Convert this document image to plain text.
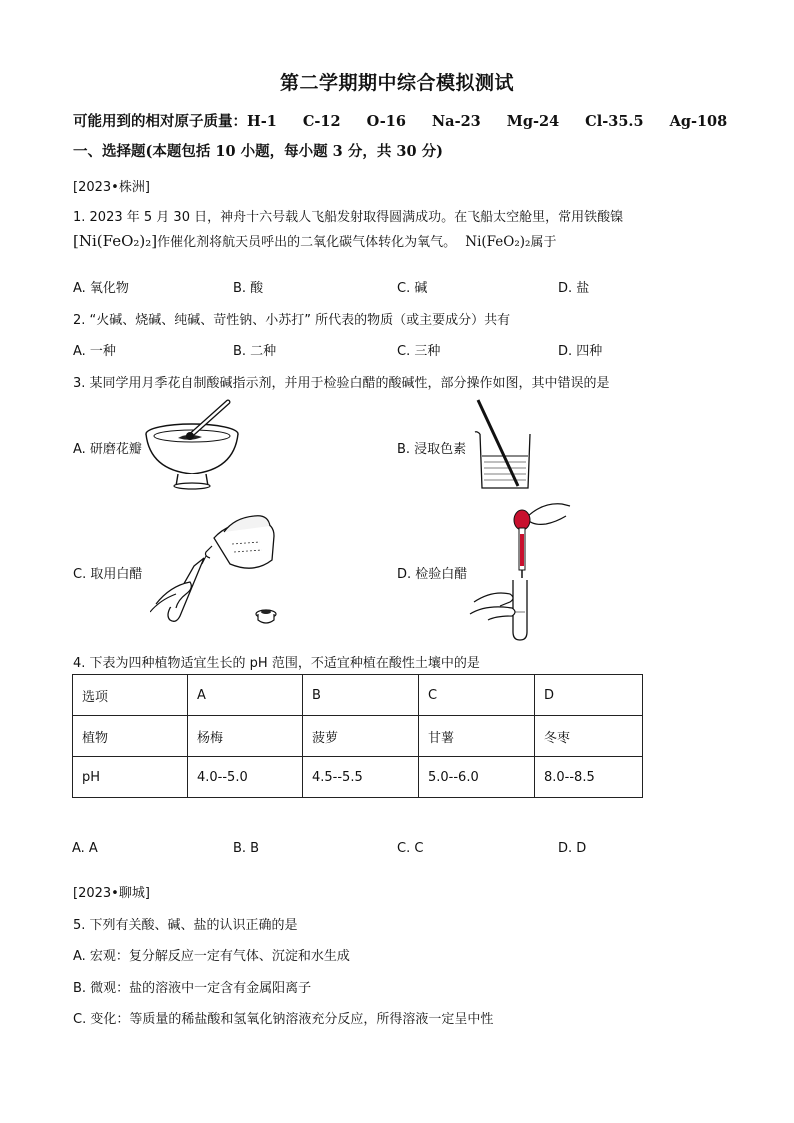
第二学期期中综合模拟测试
可能用到的相对原子质量：H-1 C-12 O-16 Na-23 Mg-24 Cl-35.5 Ag-108
一、选择题(本题包括 10 小题，每小题 3 分，共 30 分)
[2023•株洲]
1. 2023 年 5 月 30 日，神舟十六号载人飞船发射取得圆满成功。在飞船太空舱里，常用铁酸镍
[Ni(FeO₂)₂]作催化剂将航天员呼出的二氧化碳气体转化为氧气。 Ni(FeO₂)₂属于
A. 氧化物	B. 酸	C. 碱	D. 盐
2. “火碱、烧碱、纯碱、苛性钠、小苏打” 所代表的物质（或主要成分）共有
A. 一种	B. 二种	C. 三种	D. 四种
3. 某同学用月季花自制酸碱指示剂，并用于检验白醋的酸碱性，部分操作如图，其中错误的是
A. 研磨花瓣	B. 浸取色素
C. 取用白醋	D. 检验白醋
4. 下表为四种植物适宜生长的 pH 范围，不适宜种植在酸性土壤中的是
选项	A	B	C	D
植物	杨梅	菠萝	甘薯	冬枣
pH	4.0--5.0	4.5--5.5	5.0--6.0	8.0--8.5
A. A	B. B	C. C	D. D
[2023•聊城]
5. 下列有关酸、碱、盐的认识正确的是
A. 宏观：复分解反应一定有气体、沉淀和水生成
B. 微观：盐的溶液中一定含有金属阳离子
C. 变化：等质量的稀盐酸和氢氧化钠溶液充分反应，所得溶液一定呈中性
